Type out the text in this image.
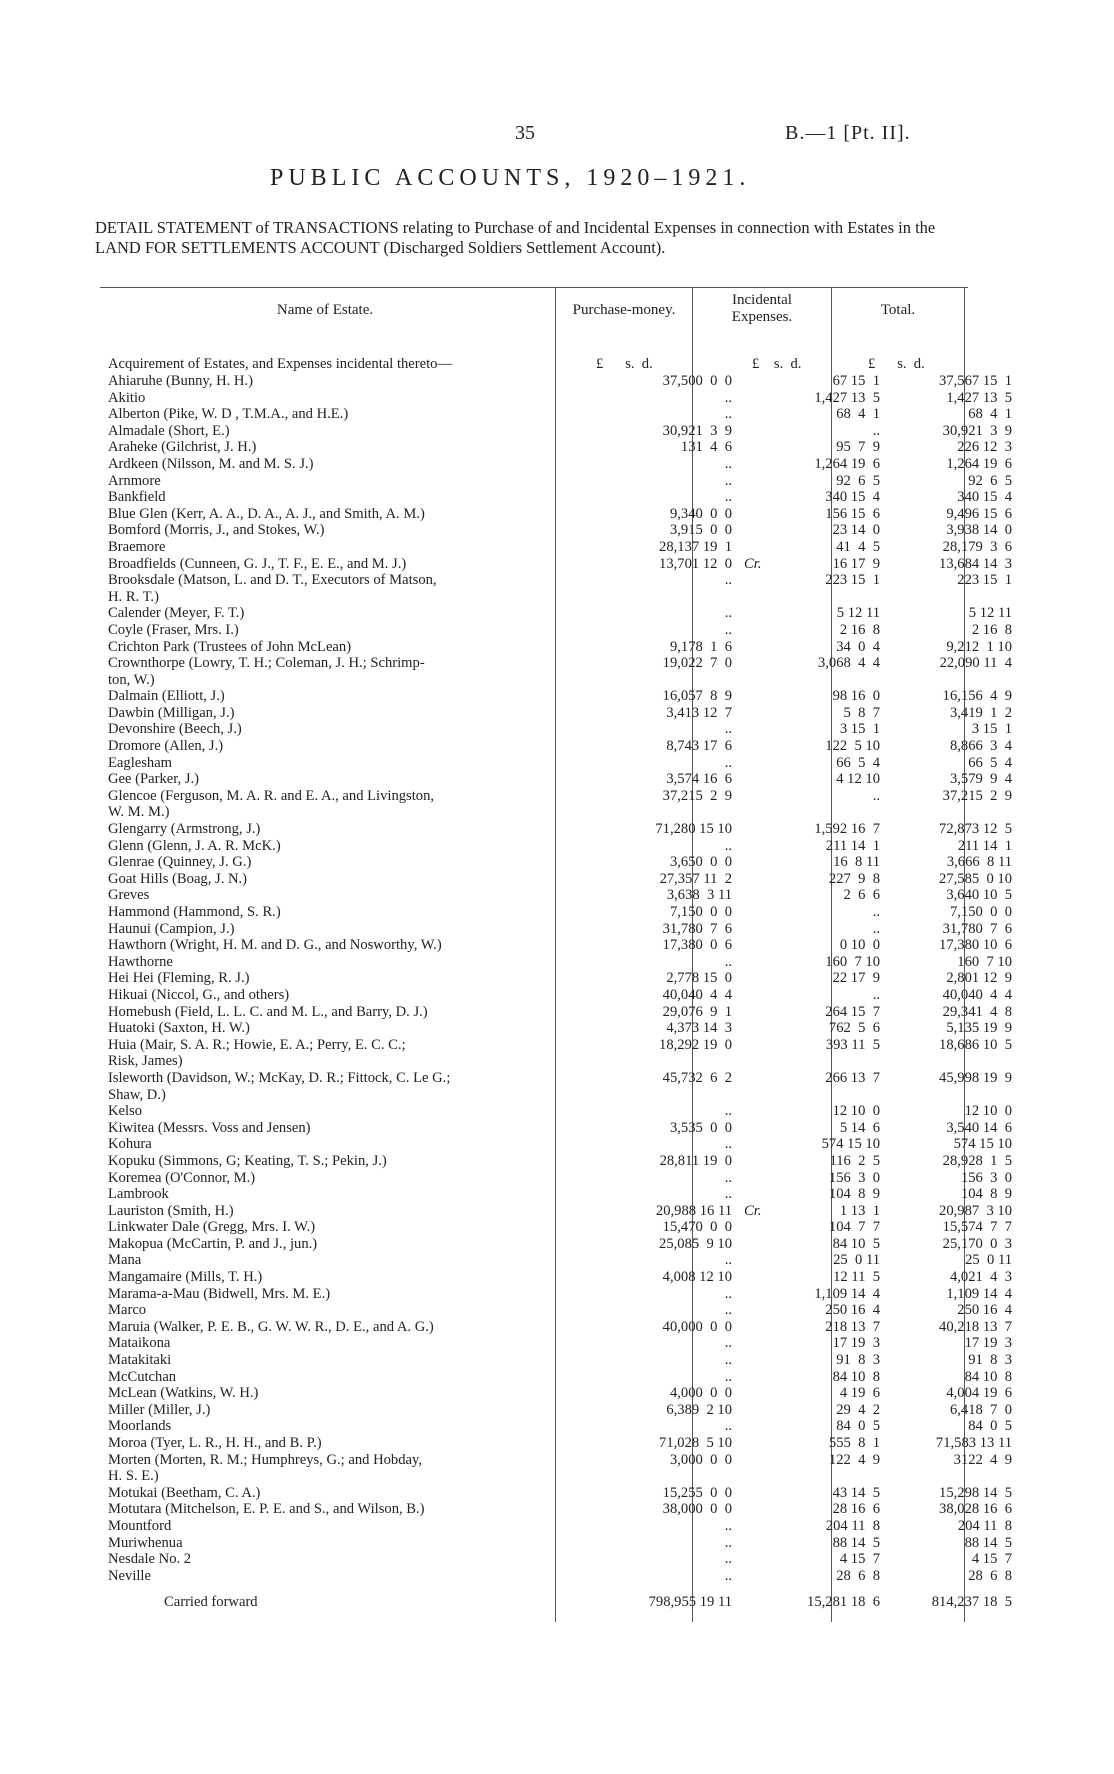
35	B.—1 [Pt. II].
PUBLIC ACCOUNTS, 1920–1921.
DETAIL STATEMENT of TRANSACTIONS relating to Purchase of and Incidental Expenses in connection with Estates in the LAND FOR SETTLEMENTS ACCOUNT (Discharged Soldiers Settlement Account).
Name of Estate.	Purchase-money.
Incidental Expenses.	Total.
Acquirement of Estates, and Expenses incidental thereto—	£      s.  d.	£    s.  d.	£      s.  d.
Ahiaruhe (Bunny, H. H.)	37,500  0  0		67 15  1	37,567 15  1
Akitio	..		1,427 13  5	1,427 13  5
Alberton (Pike, W. D , T.M.A., and H.E.)	..		68  4  1	68  4  1
Almadale (Short, E.)	30,921  3  9		..	30,921  3  9
Araheke (Gilchrist, J. H.)	131  4  6		95  7  9	226 12  3
Ardkeen (Nilsson, M. and M. S. J.)	..		1,264 19  6	1,264 19  6
Arnmore	..		92  6  5	92  6  5
Bankfield	..		340 15  4	340 15  4
Blue Glen (Kerr, A. A., D. A., A. J., and Smith, A. M.)	9,340  0  0		156 15  6	9,496 15  6
Bomford (Morris, J., and Stokes, W.)	3,915  0  0		23 14  0	3,938 14  0
Braemore	28,137 19  1		41  4  5	28,179  3  6
Broadfields (Cunneen, G. J., T. F., E. E., and M. J.)	13,701 12  0	Cr.	16 17  9	13,684 14  3
Brooksdale (Matson, L. and D. T., Executors of Matson,	..		223 15  1	223 15  1
H. R. T.)				
Calender (Meyer, F. T.)	..		5 12 11	5 12 11
Coyle (Fraser, Mrs. I.)	..		2 16  8	2 16  8
Crichton Park (Trustees of John McLean)	9,178  1  6		34  0  4	9,212  1 10
Crownthorpe (Lowry, T. H.; Coleman, J. H.; Schrimp-	19,022  7  0		3,068  4  4	22,090 11  4
ton, W.)				
Dalmain (Elliott, J.)	16,057  8  9		98 16  0	16,156  4  9
Dawbin (Milligan, J.)	3,413 12  7		5  8  7	3,419  1  2
Devonshire (Beech, J.)	..		3 15  1	3 15  1
Dromore (Allen, J.)	8,743 17  6		122  5 10	8,866  3  4
Eaglesham	..		66  5  4	66  5  4
Gee (Parker, J.)	3,574 16  6		4 12 10	3,579  9  4
Glencoe (Ferguson, M. A. R. and E. A., and Livingston,	37,215  2  9		..	37,215  2  9
W. M. M.)				
Glengarry (Armstrong, J.)	71,280 15 10		1,592 16  7	72,873 12  5
Glenn (Glenn, J. A. R. McK.)	..		211 14  1	211 14  1
Glenrae (Quinney, J. G.)	3,650  0  0		16  8 11	3,666  8 11
Goat Hills (Boag, J. N.)	27,357 11  2		227  9  8	27,585  0 10
Greves	3,638  3 11		2  6  6	3,640 10  5
Hammond (Hammond, S. R.)	7,150  0  0		..	7,150  0  0
Haunui (Campion, J.)	31,780  7  6		..	31,780  7  6
Hawthorn (Wright, H. M. and D. G., and Nosworthy, W.)	17,380  0  6		0 10  0	17,380 10  6
Hawthorne	..		160  7 10	160  7 10
Hei Hei (Fleming, R. J.)	2,778 15  0		22 17  9	2,801 12  9
Hikuai (Niccol, G., and others)	40,040  4  4		..	40,040  4  4
Homebush (Field, L. L. C. and M. L., and Barry, D. J.)	29,076  9  1		264 15  7	29,341  4  8
Huatoki (Saxton, H. W.)	4,373 14  3		762  5  6	5,135 19  9
Huia (Mair, S. A. R.; Howie, E. A.; Perry, E. C. C.;	18,292 19  0		393 11  5	18,686 10  5
Risk, James)				
Isleworth (Davidson, W.; McKay, D. R.; Fittock, C. Le G.;	45,732  6  2		266 13  7	45,998 19  9
Shaw, D.)				
Kelso	..		12 10  0	12 10  0
Kiwitea (Messrs. Voss and Jensen)	3,535  0  0		5 14  6	3,540 14  6
Kohura	..		574 15 10	574 15 10
Kopuku (Simmons, G; Keating, T. S.; Pekin, J.)	28,811 19  0		116  2  5	28,928  1  5
Koremea (O'Connor, M.)	..		156  3  0	156  3  0
Lambrook	..		104  8  9	104  8  9
Lauriston (Smith, H.)	20,988 16 11	Cr.	1 13  1	20,987  3 10
Linkwater Dale (Gregg, Mrs. I. W.)	15,470  0  0		104  7  7	15,574  7  7
Makopua (McCartin, P. and J., jun.)	25,085  9 10		84 10  5	25,170  0  3
Mana	..		25  0 11	25  0 11
Mangamaire (Mills, T. H.)	4,008 12 10		12 11  5	4,021  4  3
Marama-a-Mau (Bidwell, Mrs. M. E.)	..		1,109 14  4	1,109 14  4
Marco	..		250 16  4	250 16  4
Maruia (Walker, P. E. B., G. W. W. R., D. E., and A. G.)	40,000  0  0		218 13  7	40,218 13  7
Mataikona	..		17 19  3	17 19  3
Matakitaki	..		91  8  3	91  8  3
McCutchan	..		84 10  8	84 10  8
McLean (Watkins, W. H.)	4,000  0  0		4 19  6	4,004 19  6
Miller (Miller, J.)	6,389  2 10		29  4  2	6,418  7  0
Moorlands	..		84  0  5	84  0  5
Moroa (Tyer, L. R., H. H., and B. P.)	71,028  5 10		555  8  1	71,583 13 11
Morten (Morten, R. M.; Humphreys, G.; and Hobday,	3,000  0  0		122  4  9	3122  4  9
H. S. E.)				
Motukai (Beetham, C. A.)	15,255  0  0		43 14  5	15,298 14  5
Motutara (Mitchelson, E. P. E. and S., and Wilson, B.)	38,000  0  0		28 16  6	38,028 16  6
Mountford	..		204 11  8	204 11  8
Muriwhenua	..		88 14  5	88 14  5
Nesdale No. 2	..		4 15  7	4 15  7
Neville	..		28  6  8	28  6  8
Carried forward	798,955 19 11		15,281 18  6	814,237 18  5
